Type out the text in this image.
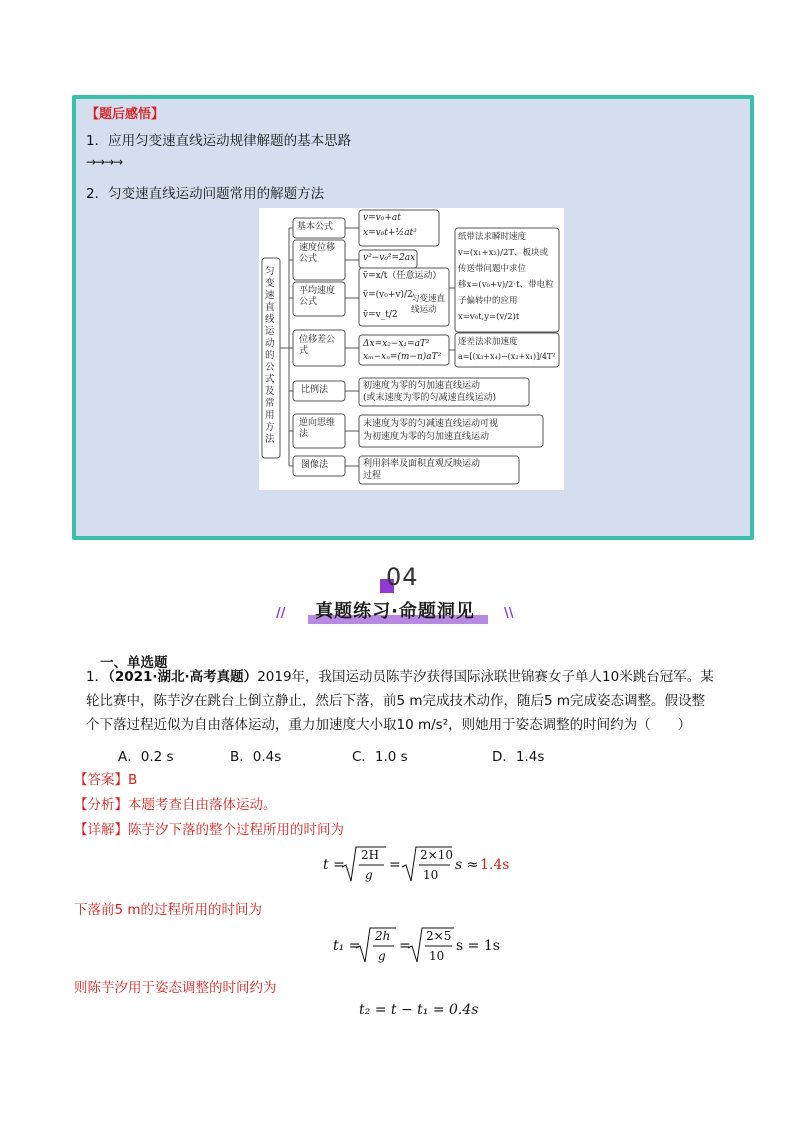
【题后感悟】
1．应用匀变速直线运动规律解题的基本思路
→→→→
2．匀变速直线运动问题常用的解题方法
匀变速直线运动的公式及常用方法
基本公式
速度位移公式
平均速度公式
位移差公式
比例法
逆向思维法
图像法
v=v₀+at
x=v₀t+½at²
v²−v₀²=2ax
v̄=x/t（任意运动）
v̄=(v₀+v)/2
v̄=v_t/2
匀变速直线运动
Δx=x₂−x₁=aT²
xₘ−xₙ=(m−n)aT²
初速度为零的匀加速直线运动
(或末速度为零的匀减速直线运动)
末速度为零的匀减速直线运动可视
为初速度为零的匀加速直线运动
利用斜率及面积直观反映运动
过程
纸带法求瞬时速度
v=(x₁+x₂)/2T、板块或
传送带问题中求位
移x=(v₀+v)/2·t、带电粒
子偏转中的应用
x=v₀t,y=(v/2)t
逐差法求加速度
a=[(x₃+x₄)−(x₂+x₁)]/4T²
04
真题练习·命题洞见
//	\\
一、单选题
1．（2021·湖北·高考真题）2019年，我国运动员陈芋汐获得国际泳联世锦赛女子单人10米跳台冠军。某
轮比赛中，陈芋汐在跳台上倒立静止，然后下落，前5 m完成技术动作，随后5 m完成姿态调整。假设整
个下落过程近似为自由落体运动，重力加速度大小取10 m/s²，则她用于姿态调整的时间约为（　　）
A．0.2 s	B．0.4s	C．1.0 s	D．1.4s
【答案】B
【分析】本题考查自由落体运动。
【详解】陈芋汐下落的整个过程所用的时间为
t =
2H
g
=
2×10
10
s ≈ 1.4s
下落前5 m的过程所用的时间为
t₁ =
2h
g
=
2×5
10
s = 1s
则陈芋汐用于姿态调整的时间约为
t₂ = t − t₁ = 0.4s
